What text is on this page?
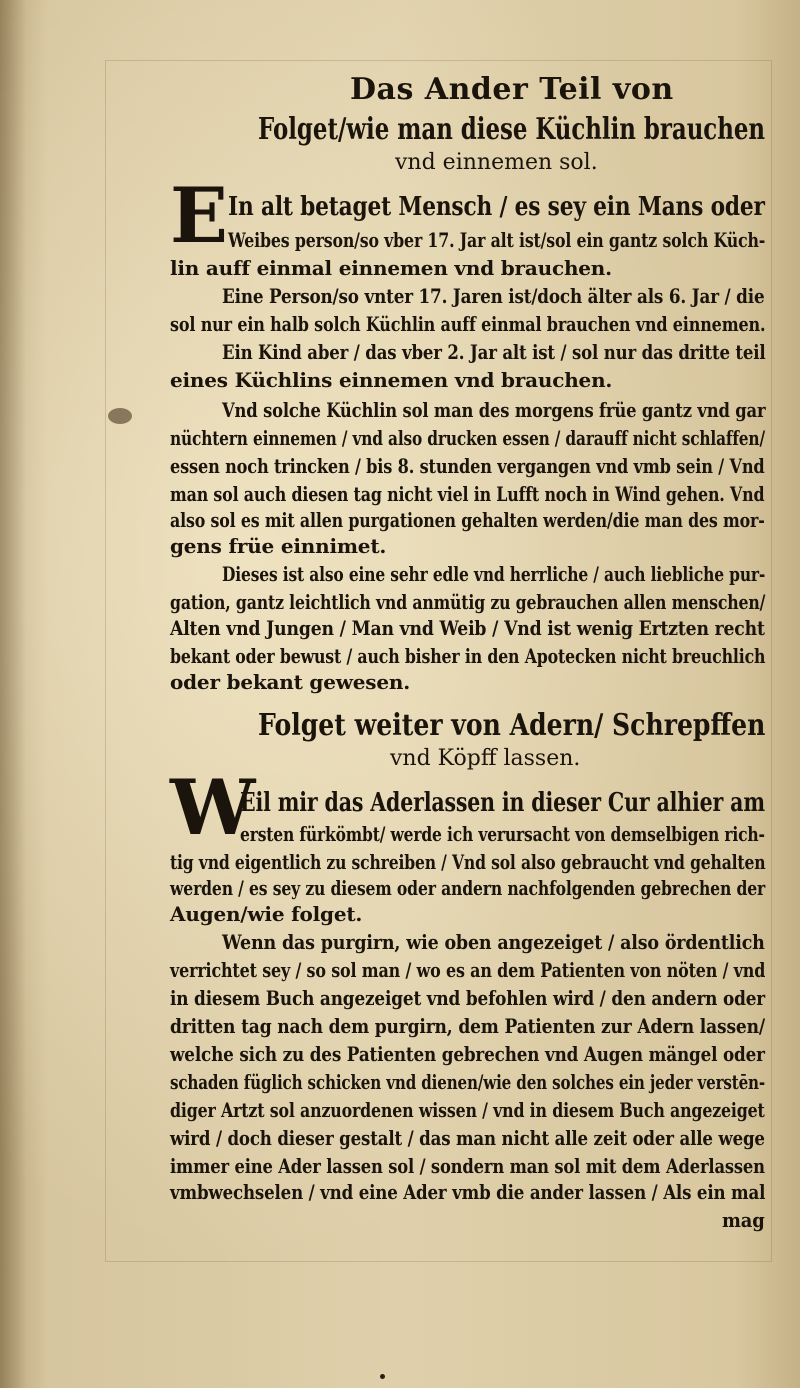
Das Ander Teil von
Folget/wie man diese Küchlin brauchen
vnd einnemen sol.
E In alt betaget Mensch / es sey ein Mans oder
Weibes person/so vber 17. Jar alt ist/sol ein gantz solch Küch-
lin auff einmal einnemen vnd brauchen.
Eine Person/so vnter 17. Jaren ist/doch älter als 6. Jar / die
sol nur ein halb solch Küchlin auff einmal brauchen vnd einnemen.
Ein Kind aber / das vber 2. Jar alt ist / sol nur das dritte teil
eines Küchlins einnemen vnd brauchen.
Vnd solche Küchlin sol man des morgens früe gantz vnd gar
nüchtern einnemen / vnd also drucken essen / darauff nicht schlaffen/
essen noch trincken / bis 8. stunden vergangen vnd vmb sein / Vnd
man sol auch diesen tag nicht viel in Lufft noch in Wind gehen. Vnd
also sol es mit allen purgationen gehalten werden/die man des mor-
gens früe einnimet.
Dieses ist also eine sehr edle vnd herrliche / auch liebliche pur-
gation, gantz leichtlich vnd anmütig zu gebrauchen allen menschen/
Alten vnd Jungen / Man vnd Weib / Vnd ist wenig Ertzten recht
bekant oder bewust / auch bisher in den Apotecken nicht breuchlich
oder bekant gewesen.
Folget weiter von Adern/ Schrepffen
vnd Köpff lassen.
W
Eil mir das Aderlassen in dieser Cur alhier am
ersten fürkömbt/ werde ich verursacht von demselbigen rich-
tig vnd eigentlich zu schreiben / Vnd sol also gebraucht vnd gehalten
werden / es sey zu diesem oder andern nachfolgenden gebrechen der
Augen/wie folget.
Wenn das purgirn, wie oben angezeiget / also ördentlich
verrichtet sey / so sol man / wo es an dem Patienten von nöten / vnd
in diesem Buch angezeiget vnd befohlen wird / den andern oder
dritten tag nach dem purgirn, dem Patienten zur Adern lassen/
welche sich zu des Patienten gebrechen vnd Augen mängel oder
schaden füglich schicken vnd dienen/wie den solches ein jeder verstēn-
diger Artzt sol anzuordenen wissen / vnd in diesem Buch angezeiget
wird / doch dieser gestalt / das man nicht alle zeit oder alle wege
immer eine Ader lassen sol / sondern man sol mit dem Aderlassen
vmbwechselen / vnd eine Ader vmb die ander lassen / Als ein mal
mag
